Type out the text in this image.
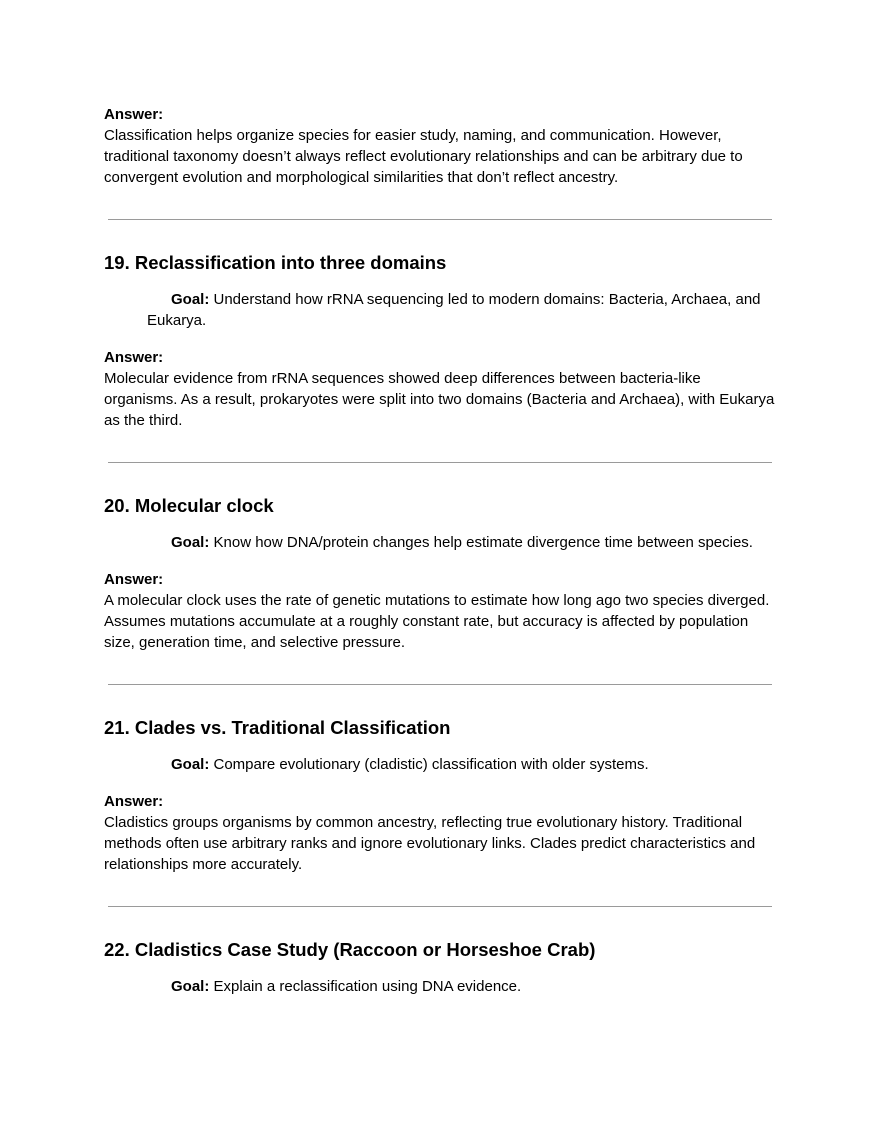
Answer:

Classification helps organize species for easier study, naming, and communication. However, traditional taxonomy doesn’t always reflect evolutionary relationships and can be arbitrary due to convergent evolution and morphological similarities that don’t reflect ancestry.

19. Reclassification into three domains

Goal: Understand how rRNA sequencing led to modern domains: Bacteria, Archaea, and Eukarya.

Answer:

Molecular evidence from rRNA sequences showed deep differences between bacteria-like organisms. As a result, prokaryotes were split into two domains (Bacteria and Archaea), with Eukarya as the third.

20. Molecular clock

Goal: Know how DNA/protein changes help estimate divergence time between species.

Answer:

A molecular clock uses the rate of genetic mutations to estimate how long ago two species diverged. Assumes mutations accumulate at a roughly constant rate, but accuracy is affected by population size, generation time, and selective pressure.

21. Clades vs. Traditional Classification

Goal: Compare evolutionary (cladistic) classification with older systems.

Answer:

Cladistics groups organisms by common ancestry, reflecting true evolutionary history. Traditional methods often use arbitrary ranks and ignore evolutionary links. Clades predict characteristics and relationships more accurately.

22. Cladistics Case Study (Raccoon or Horseshoe Crab)

Goal: Explain a reclassification using DNA evidence.
